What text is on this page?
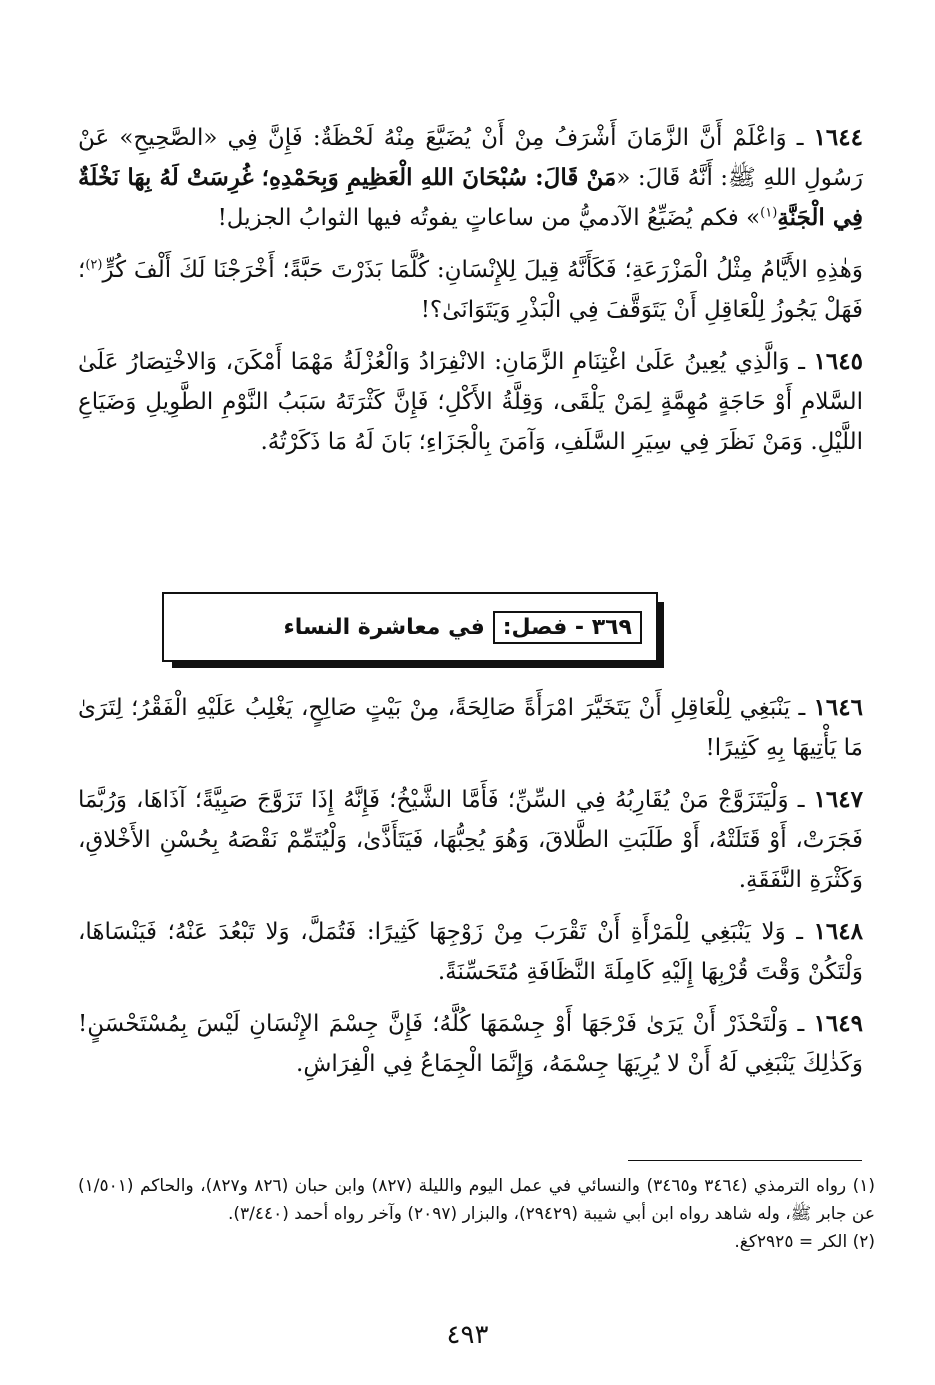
١٦٤٤ ـ وَاعْلَمْ أَنَّ الزَّمَانَ أَشْرَفُ مِنْ أَنْ يُضَيَّعَ مِنْهُ لَحْظَةٌ: فَإِنَّ فِي «الصَّحِيحِ» عَنْ رَسُولِ اللهِ ﷺ: أَنَّهُ قَالَ: «مَنْ قَالَ: سُبْحَانَ اللهِ الْعَظِيمِ وَبِحَمْدِهِ؛ غُرِسَتْ لَهُ بِهَا نَخْلَةٌ فِي الْجَنَّةِ$^{(١)}$» فكم يُضَيِّعُ الآدميُّ من ساعاتٍ يفوتُه فيها الثوابُ الجزيل!

وَهٰذِهِ الأَيَّامُ مِثْلُ الْمَزْرَعَةِ؛ فَكَأَنَّهُ قِيلَ لِلإِنْسَانِ: كُلَّمَا بَذَرْتَ حَبَّةً؛ أَخْرَجْنَا لَكَ أَلْفَ كُرٍّ$^{(٢)}$؛ فَهَلْ يَجُوزُ لِلْعَاقِلِ أَنْ يَتَوَقَّفَ فِي الْبَذْرِ وَيَتَوَانَىٰ؟!

١٦٤٥ ـ وَالَّذِي يُعِينُ عَلَىٰ اغْتِنَامِ الزَّمَانِ: الانْفِرَادُ وَالْعُزْلَةُ مَهْمَا أَمْكَنَ، وَالاخْتِصَارُ عَلَىٰ السَّلامِ أَوْ حَاجَةٍ مُهِمَّةٍ لِمَنْ يَلْقَى، وَقِلَّةُ الأَكْلِ؛ فَإِنَّ كَثْرَتَهُ سَبَبُ النَّوْمِ الطَّوِيلِ وَضَيَاعِ اللَّيْلِ. وَمَنْ نَظَرَ فِي سِيَرِ السَّلَفِ، وَآمَنَ بِالْجَزَاءِ؛ بَانَ لَهُ مَا ذَكَرْتُهُ.

٣٦٩ - فصل:
في معاشرة النساء

١٦٤٦ ـ يَنْبَغِي لِلْعَاقِلِ أَنْ يَتَخَيَّرَ امْرَأَةً صَالِحَةً، مِنْ بَيْتٍ صَالِحٍ، يَغْلِبُ عَلَيْهِ الْفَقْرُ؛ لِتَرَىٰ مَا يَأْتِيهَا بِهِ كَثِيرًا!

١٦٤٧ ـ وَلْيَتَزَوَّجْ مَنْ يُقَارِبُهُ فِي السِّنِّ؛ فَأَمَّا الشَّيْخُ؛ فَإِنَّهُ إِذَا تَزَوَّجَ صَبِيَّةً؛ آذَاهَا، وَرُبَّمَا فَجَرَتْ، أَوْ قَتَلَتْهُ، أَوْ طَلَبَتِ الطَّلاقَ، وَهُوَ يُحِبُّهَا، فَيَتَأَذَّىٰ، وَلْيُتَمِّمْ نَقْصَهُ بِحُسْنِ الأَخْلاقِ، وَكَثْرَةِ النَّفَقَةِ.

١٦٤٨ ـ وَلا يَنْبَغِي لِلْمَرْأَةِ أَنْ تَقْرَبَ مِنْ زَوْجِهَا كَثِيرًا: فَتُمَلَّ، وَلا تَبْعُدَ عَنْهُ؛ فَيَنْسَاهَا، وَلْتَكُنْ وَقْتَ قُرْبِهَا إِلَيْهِ كَامِلَةَ النَّظَافَةِ مُتَحَسِّنَةً.

١٦٤٩ ـ وَلْتَحْذَرْ أَنْ يَرَىٰ فَرْجَهَا أَوْ جِسْمَهَا كُلَّهُ؛ فَإِنَّ جِسْمَ الإِنْسَانِ لَيْسَ بِمُسْتَحْسَنٍ! وَكَذٰلِكَ يَنْبَغِي لَهُ أَنْ لا يُرِيَهَا جِسْمَهُ، وَإِنَّمَا الْجِمَاعُ فِي الْفِرَاشِ.

(١) رواه الترمذي (٣٤٦٤ و٣٤٦٥) والنسائي في عمل اليوم والليلة (٨٢٧) وابن حبان (٨٢٦ و٨٢٧)، والحاكم (١/٥٠١) عن جابر ﷺ، وله شاهد رواه ابن أبي شيبة (٢٩٤٢٩)، والبزار (٢٠٩٧) وآخر رواه أحمد (٣/٤٤٠).

(٢) الكر = ٢٩٢٥كغ.

٤٩٣
